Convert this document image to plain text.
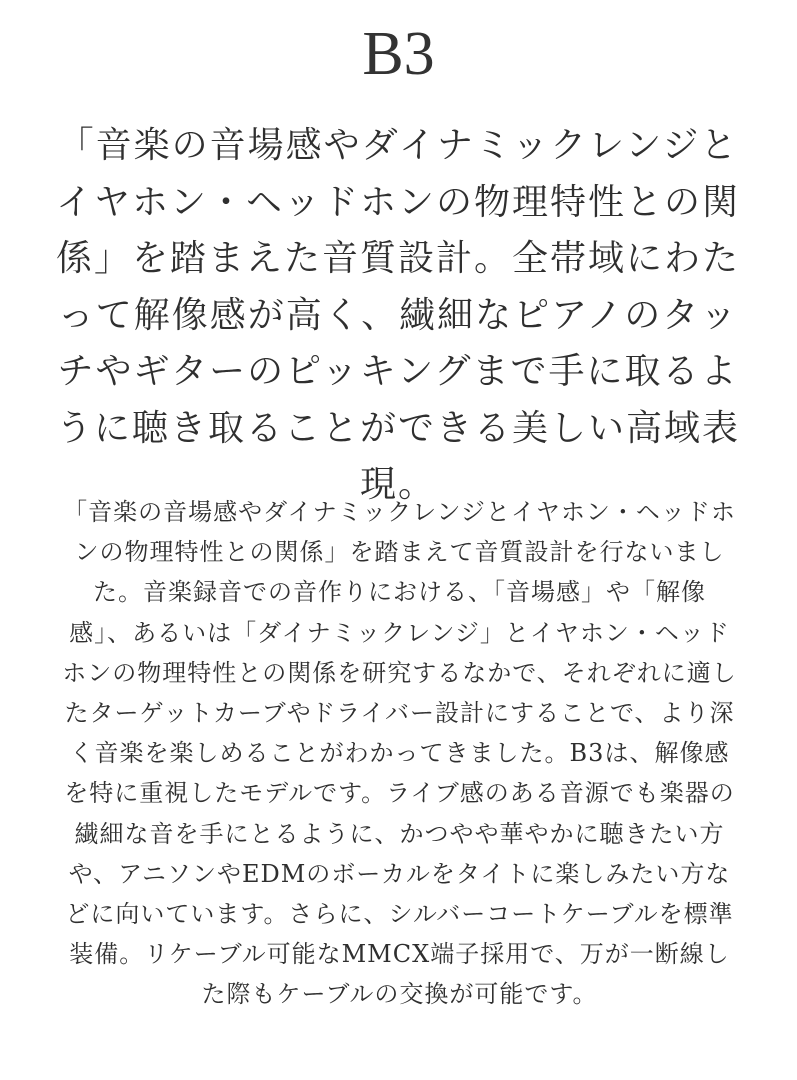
B3

「音楽の音場感やダイナミックレンジとイヤホン・ヘッドホンの物理特性との関係」を踏まえた音質設計。全帯域にわたって解像感が高く、繊細なピアノのタッチやギターのピッキングまで手に取るように聴き取ることができる美しい高域表現。

「音楽の音場感やダイナミックレンジとイヤホン・ヘッドホンの物理特性との関係」を踏まえて音質設計を行ないました。音楽録音での音作りにおける、「音場感」や「解像感」、あるいは「ダイナミックレンジ」とイヤホン・ヘッドホンの物理特性との関係を研究するなかで、それぞれに適したターゲットカーブやドライバー設計にすることで、より深く音楽を楽しめることがわかってきました。B3は、解像感を特に重視したモデルです。ライブ感のある音源でも楽器の繊細な音を手にとるように、かつやや華やかに聴きたい方や、アニソンやEDMのボーカルをタイトに楽しみたい方などに向いています。さらに、シルバーコートケーブルを標準装備。リケーブル可能なMMCX端子採用で、万が一断線した際もケーブルの交換が可能です。
